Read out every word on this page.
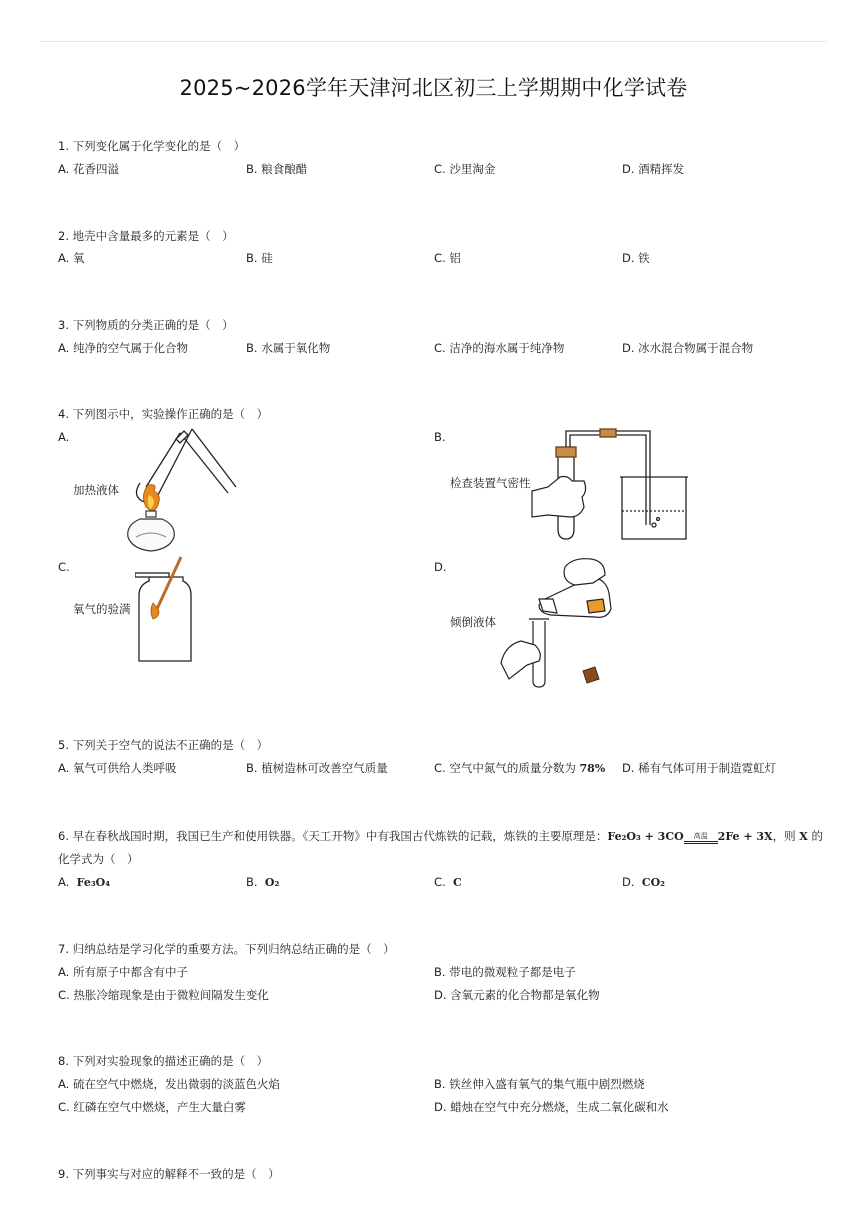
2025~2026学年天津河北区初三上学期期中化学试卷
1. 下列变化属于化学变化的是（　）
A. 花香四溢	B. 粮食酿醋	C. 沙里淘金	D. 酒精挥发
2. 地壳中含量最多的元素是（　）
A. 氧	B. 硅	C. 铝	D. 铁
3. 下列物质的分类正确的是（　）
A. 纯净的空气属于化合物	B. 水属于氧化物	C. 洁净的海水属于纯净物	D. 冰水混合物属于混合物
4. 下列图示中，实验操作正确的是（　）
A.
加热液体
B.
检查装置气密性
C.
氧气的验满
D.
倾倒液体
5. 下列关于空气的说法不正确的是（　）
A. 氧气可供给人类呼吸	B. 植树造林可改善空气质量	C. 空气中氮气的质量分数为 78% D. 稀有气体可用于制造霓虹灯
6. 早在春秋战国时期，我国已生产和使用铁器。《天工开物》中有我国古代炼铁的记载，炼铁的主要原理是：Fe₂O₃ + 3CO	高温 2Fe + 3X，则 X 的
化学式为（　）
A. Fe₃O₄	B. O₂	C. C	D. CO₂
7. 归纳总结是学习化学的重要方法。下列归纳总结正确的是（　）
A. 所有原子中都含有中子	B. 带电的微观粒子都是电子
C. 热胀冷缩现象是由于微粒间隔发生变化	D. 含氧元素的化合物都是氧化物
8. 下列对实验现象的描述正确的是（　）
A. 硫在空气中燃烧，发出微弱的淡蓝色火焰	B. 铁丝伸入盛有氧气的集气瓶中剧烈燃烧
C. 红磷在空气中燃烧，产生大量白雾	D. 蜡烛在空气中充分燃烧，生成二氧化碳和水
9. 下列事实与对应的解释不一致的是（　）
